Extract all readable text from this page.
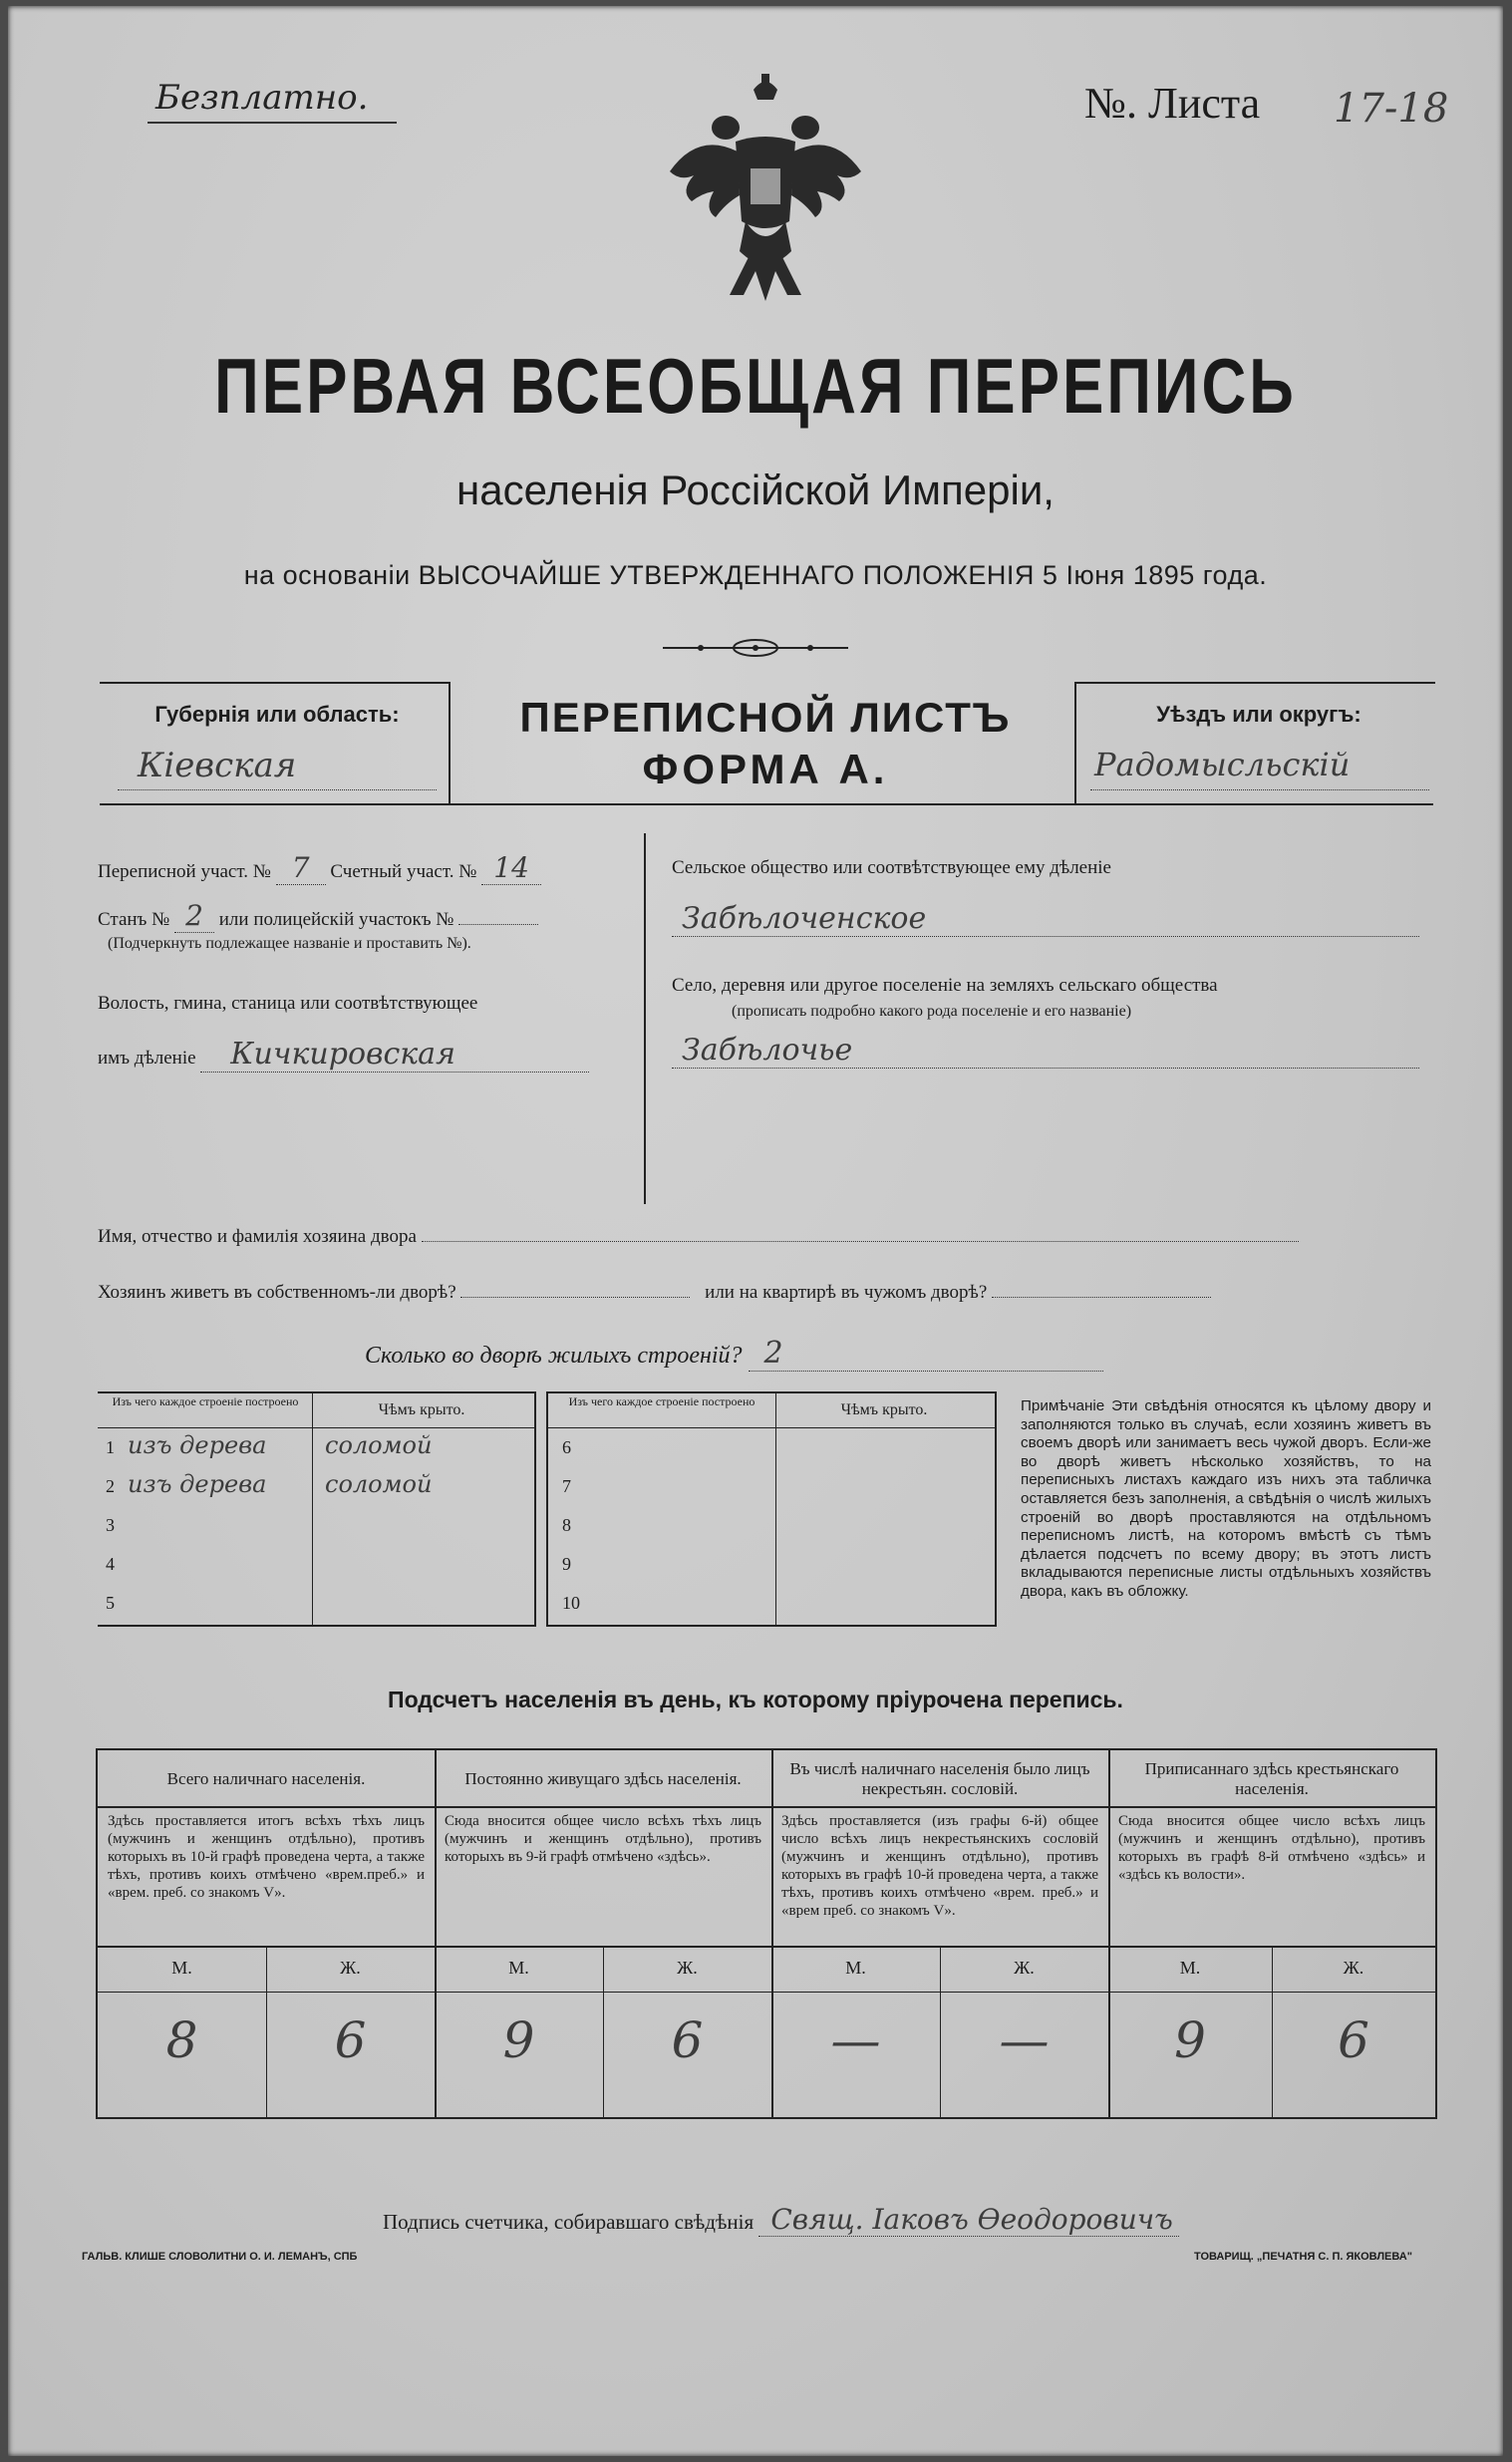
Безплатно.	№. Листа 17-18
ПЕРВАЯ ВСЕОБЩАЯ ПЕРЕПИСЬ
населенія Россійской Имперіи,
на основаніи ВЫСОЧАЙШЕ УТВЕРЖДЕННАГО ПОЛОЖЕНІЯ 5 Іюня 1895 года.
Губернія или область:
Кіевская
ПЕРЕПИСНОЙ ЛИСТЪ
ФОРМА А.
Уѣздъ или округъ:
Радомысльскій
Переписной участ. № 7 Счетный участ. № 14
Станъ № 2 или полицейскій участокъ №
(Подчеркнуть подлежащее названіе и проставить №).
Волость, гмина, станица или соотвѣтствующее
имъ дѣленіе Кичкировская
Сельское общество или соотвѣтствующее ему дѣленіе
Забѣлоченское
Село, деревня или другое поселеніе на земляхъ сельскаго общества
(прописать подробно какого рода поселеніе и его названіе)
Забѣлочье
Имя, отчество и фамилія хозяина двора
Хозяинъ живетъ въ собственномъ-ли дворѣ?	или на квартирѣ въ чужомъ дворѣ?
Сколько во дворѣ жилыхъ строеній? 2
Изъ чего каждое строеніе построено	Чѣмъ крыто.
1 изъ дерева соломой
2 изъ дерева соломой
3
4
5
Изъ чего каждое строеніе построено	Чѣмъ крыто.
6
7
8
9
10
Примѣчаніе Эти свѣдѣнія относятся къ цѣлому двору и заполняются только въ случаѣ, если хозяинъ живетъ въ своемъ дворѣ или занимаетъ весь чужой дворъ. Если-же во дворѣ живетъ нѣсколько хозяйствъ, то на переписныхъ листахъ каждаго изъ нихъ эта табличка оставляется безъ заполненія, а свѣдѣнія о числѣ жилыхъ строеній во дворѣ проставляются на отдѣльномъ переписномъ листѣ, на которомъ вмѣстѣ съ тѣмъ дѣлается подсчетъ по всему двору; въ этотъ листъ вкладываются переписные листы отдѣльныхъ хозяйствъ двора, какъ въ обложку.
Подсчетъ населенія въ день, къ которому пріурочена перепись.
Всего наличнаго населенія.
Здѣсь проставляется итогъ всѣхъ тѣхъ лицъ (мужчинъ и женщинъ отдѣльно), противъ которыхъ въ 10-й графѣ проведена черта, а также тѣхъ, противъ коихъ отмѣчено «врем.преб.» и «врем. преб. со знакомъ V».
М.	Ж.
8	6
Постоянно живущаго здѣсь населенія.
Сюда вносится общее число всѣхъ тѣхъ лицъ (мужчинъ и женщинъ отдѣльно), противъ которыхъ въ 9-й графѣ отмѣчено «здѣсь».
М.	Ж.
9	6
Въ числѣ наличнаго населенія было лицъ некрестьян. сословій.
Здѣсь проставляется (изъ графы 6-й) общее число всѣхъ лицъ некрестьянскихъ сословій (мужчинъ и женщинъ отдѣльно), противъ которыхъ въ графѣ 10-й проведена черта, а также тѣхъ, противъ коихъ отмѣчено «врем. преб.» и «врем преб. со знакомъ V».
М.	Ж.
—	—
Приписаннаго здѣсь крестьянскаго населенія.
Сюда вносится общее число всѣхъ лицъ (мужчинъ и женщинъ отдѣльно), противъ которыхъ въ графѣ 8-й отмѣчено «здѣсь» и «здѣсь къ волости».
М.	Ж.
9	6
Подпись счетчика, собиравшаго свѣдѣнія Свящ. Іаковъ Ѳеодоровичъ
ГАЛЬВ. КЛИШЕ СЛОВОЛИТНИ О. И. ЛЕМАНЪ, СПБ	ТОВАРИЩ. „ПЕЧАТНЯ С. П. ЯКОВЛЕВА"
